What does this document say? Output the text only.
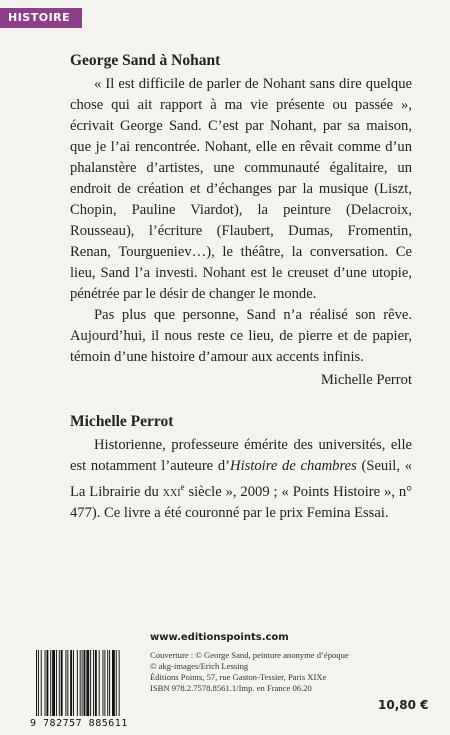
HISTOIRE
George Sand à Nohant

« Il est difficile de parler de Nohant sans dire quelque chose qui ait rapport à ma vie présente ou passée », écrivait George Sand. C’est par Nohant, par sa maison, que je l’ai rencontrée. Nohant, elle en rêvait comme d’un phalanstère d’artistes, une communauté égalitaire, un endroit de création et d’échanges par la musique (Liszt, Chopin, Pauline Viardot), la peinture (Delacroix, Rousseau), l’écriture (Flaubert, Dumas, Fromentin, Renan, Tourgueniev…), le théâtre, la conversation. Ce lieu, Sand l’a investi. Nohant est le creuset d’une utopie, pénétrée par le désir de changer le monde.

Pas plus que personne, Sand n’a réalisé son rêve. Aujourd’hui, il nous reste ce lieu, de pierre et de papier, témoin d’une histoire d’amour aux accents infinis.

Michelle Perrot

Michelle Perrot

Historienne, professeure émérite des universités, elle est notamment l’auteure d’Histoire de chambres (Seuil, « La Librairie du xxi$^e$ siècle », 2009 ; « Points Histoire », n° 477). Ce livre a été couronné par le prix Femina Essai.

www.editionspoints.com
9 782757 885611
Couverture : © George Sand, peinture anonyme d’époque
© akg-images/Erich Lessing
Éditions Points, 57, rue Gaston-Tessier, Paris XIXe
ISBN 978.2.7578.8561.1/Imp. en France 06.20
10,80 €
